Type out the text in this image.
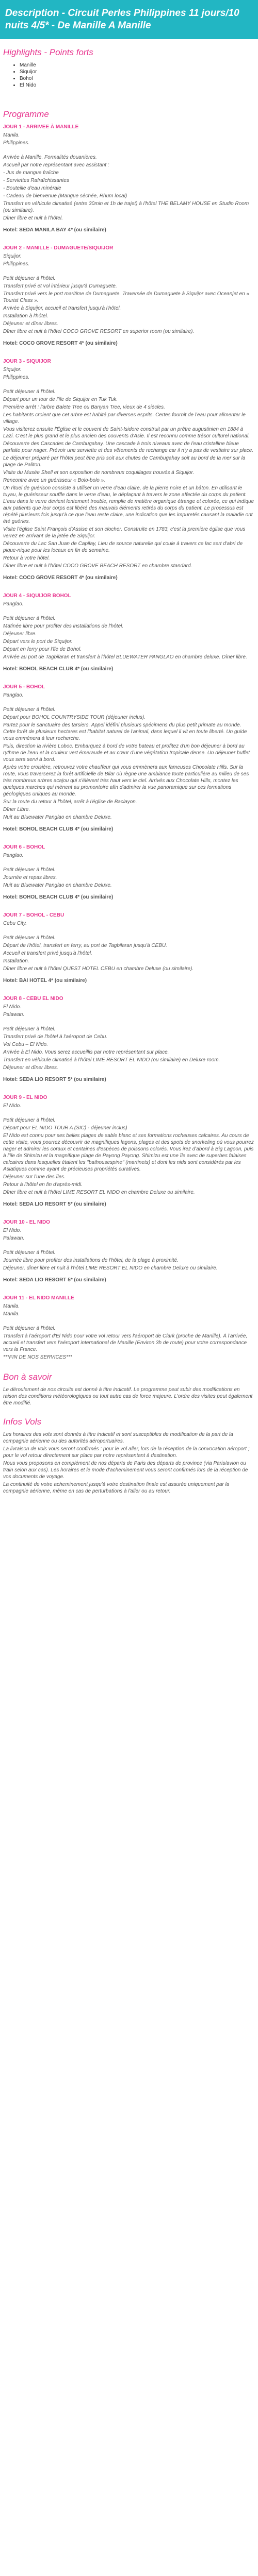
Description - Circuit Perles Philippines 11 jours/10 nuits 4/5* - De Manille A Manille
Highlights - Points forts
• Manille
• Siquijor
• Bohol
• El Nido
Programme
JOUR 1 - ARRIVEE À MANILLE
Manila.
Philippines.
Arrivée à Manille. Formalités douanières.
Accueil par notre représentant avec assistant :
- Jus de mangue fraîche
- Serviettes Rafraîchissantes
- Bouteille d'eau minérale
- Cadeau de bienvenue (Mangue séchée, Rhum local)
Transfert en véhicule climatisé (entre 30min et 1h de trajet) à l'hôtel THE BELAMY HOUSE en Studio Room (ou similaire).
Dîner libre et nuit à l'hôtel.
Hotel: SEDA MANILA BAY 4* (ou similaire)
JOUR 2 - MANILLE - DUMAGUETE/SIQUIJOR
Siquijor.
Philippines.
Petit déjeuner à l'hôtel.
Transfert privé et vol intérieur jusqu'à Dumaguete.
Transfert privé vers le port maritime de Dumaguete. Traversée de Dumaguete à Siquijor avec Oceanjet en « Tourist Class ».
Arrivée à Siquijor, accueil et transfert jusqu'à l'hôtel.
Installation à l'hôtel.
Déjeuner et dîner libres.
Dîner libre et nuit à l'hôtel COCO GROVE RESORT en superior room (ou similaire).
Hotel: COCO GROVE RESORT 4* (ou similaire)
JOUR 3 - SIQUIJOR
Siquijor.
Philippines.
Petit déjeuner à l'hôtel.
Départ pour un tour de l'île de Siquijor en Tuk Tuk.
Première arrêt : l'arbre Balete Tree ou Banyan Tree, vieux de 4 siècles.
Les habitants croient que cet arbre est habité par diverses esprits. Certes fournit de l'eau pour alimenter le village.
Vous visiterez ensuite l'Église et le couvent de Saint-Isidore construit par un prêtre augustinien en 1884 à Lazi. C'est le plus grand et le plus ancien des couvents d'Asie. Il est reconnu comme trésor culturel national.
Découverte des Cascades de Cambugahay. Une cascade à trois niveaux avec de l'eau cristalline bleue parfaite pour nager. Prévoir une serviette et des vêtements de rechange car il n'y a pas de vestiaire sur place.
Le déjeuner préparé par l'hôtel peut être pris soit aux chutes de Cambugahay soit au bord de la mer sur la plage de Paliton.
Visite du Musée Shell et son exposition de nombreux coquillages trouvés à Siquijor.
Rencontre avec un guérisseur « Bolo-bolo ».
Un rituel de guérison consiste à utiliser un verre d'eau claire, de la pierre noire et un bâton. En utilisant le tuyau, le guérisseur souffle dans le verre d'eau, le déplaçant à travers le zone affectée du corps du patient. L'eau dans le verre devient lentement trouble, remplie de matière organique étrange et colorée, ce qui indique aux patients que leur corps est libéré des mauvais éléments retirés du corps du patient. Le processus est répété plusieurs fois jusqu'à ce que l'eau reste claire, une indication que les impuretés causant la maladie ont été guéries.
Visite l'église Saint François d'Assise et son clocher. Construite en 1783, c'est la première église que vous verrez en arrivant de la jetée de Siquijor.
Découverte du Lac San Juan de Capilay, Lieu de source naturelle qui coule à travers ce lac sert d'abri de pique-nique pour les locaux en fin de semaine.
Retour à votre hôtel.
Dîner libre et nuit à l'hôtel COCO GROVE BEACH RESORT en chambre standard.
Hotel: COCO GROVE RESORT 4* (ou similaire)
JOUR 4 - SIQUIJOR BOHOL
Panglao.
Petit déjeuner à l'hôtel.
Matinée libre pour profiter des installations de l'hôtel.
Déjeuner libre.
Départ vers le port de Siquijor.
Départ en ferry pour l'île de Bohol.
Arrivée au port de Tagbilaran et transfert à l'hôtel BLUEWATER PANGLAO en chambre deluxe. Dîner libre.
Hotel: BOHOL BEACH CLUB 4* (ou similaire)
JOUR 5 - BOHOL
Panglao.
Petit déjeuner à l'hôtel.
Départ pour BOHOL COUNTRYSIDE TOUR (déjeuner inclus).
Partez pour le sanctuaire des tarsiers. Appel idéfini plusieurs spécimens du plus petit primate au monde. Cette forêt de plusieurs hectares est l'habitat naturel de l'animal, dans lequel il vit en toute liberté. Un guide vous emmènera à leur recherche.
Puis, direction la rivière Loboc. Embarquez à bord de votre bateau et profitez d'un bon déjeuner à bord au rythme de l'eau et la couleur vert émeraude et au cœur d'une végétation tropicale dense. Un déjeuner buffet vous sera servi à bord.
Après votre croisière, retrouvez votre chauffeur qui vous emmènera aux fameuses Chocolate Hills. Sur la route, vous traverserez la forêt artificielle de Bilar où règne une ambiance toute particulière au milieu de ses très nombreux arbres acajou qui s'élèvent très haut vers le ciel. Arrivés aux Chocolate Hills, montez les quelques marches qui mènent au promontoire afin d'admirer la vue panoramique sur ces formations géologiques uniques au monde.
Sur la route du retour à l'hôtel, arrêt à l'église de Baclayon.
Dîner Libre.
Nuit au Bluewater Panglao en chambre Deluxe.
Hotel: BOHOL BEACH CLUB 4* (ou similaire)
JOUR 6 - BOHOL
Panglao.
Petit déjeuner à l'hôtel.
Journée et repas libres.
Nuit au Bluewater Panglao en chambre Deluxe.
Hotel: BOHOL BEACH CLUB 4* (ou similaire)
JOUR 7 - BOHOL - CEBU
Cebu City.
Petit déjeuner à l'hôtel.
Départ de l'hôtel, transfert en ferry, au port de Tagbilaran jusqu'à CEBU.
Accueil et transfert privé jusqu'à l'hôtel.
Installation.
Dîner libre et nuit à l'hôtel QUEST HOTEL CEBU en chambre Deluxe (ou similaire).
Hotel: BAI HOTEL 4* (ou similaire)
JOUR 8 - CEBU EL NIDO
El Nido.
Palawan.
Petit déjeuner à l'hôtel.
Transfert privé de l'hôtel à l'aéroport de Cebu.
Vol Cebu – El Nido.
Arrivée à El Nido. Vous serez accueillis par notre représentant sur place.
Transfert en véhicule climatisé à l'hôtel LIME RESORT EL NIDO (ou similaire) en Deluxe room.
Déjeuner et dîner libres.
Hotel: SEDA LIO RESORT 5* (ou similaire)
JOUR 9 - EL NIDO
El Nido.
Petit déjeuner à l'hôtel.
Départ pour EL NIDO TOUR A (SIC) - déjeuner inclus)
El Nido est connu pour ses belles plages de sable blanc et ses formations rocheuses calcaires. Au cours de cette visite, vous pourrez découvrir de magnifiques lagons, plages et des spots de snorkeling où vous pourrez nager et admirer les coraux et centaines d'espèces de poissons colorés. Vous irez d'abord à Big Lagoon, puis à l'île de Shimizu et la magnifique plage de Payong Payong. Shimizu est une île avec de superbes falaises calcaires dans lesquelles étaient les "bathousespine" (martinets) et dont les nids sont considérés par les Asiatiques comme ayant de précieuses propriétés curatives.
Déjeuner sur l'une des îles.
Retour à l'hôtel en fin d'après-midi.
Dîner libre et nuit à l'hôtel LIME RESORT EL NIDO en chambre Deluxe ou similaire.
Hotel: SEDA LIO RESORT 5* (ou similaire)
JOUR 10 - EL NIDO
El Nido.
Palawan.
Petit déjeuner à l'hôtel.
Journée libre pour profiter des installations de l'hôtel, de la plage à proximité.
Déjeuner, dîner libre et nuit à l'hôtel LIME RESORT EL NIDO en chambre Deluxe ou similaire.
Hotel: SEDA LIO RESORT 5* (ou similaire)
JOUR 11 - EL NIDO MANILLE
Manila.
Manila.
Petit déjeuner à l'hôtel.
Transfert à l'aéroport d'El Nido pour votre vol retour vers l'aéroport de Clark (proche de Manille). À l'arrivée, accueil et transfert vers l'aéroport international de Manille (Environ 3h de route) pour votre correspondance vers la France.
***FIN DE NOS SERVICES***
Bon à savoir

Le déroulement de nos circuits est donné à titre indicatif. Le programme peut subir des modifications en raison des conditions météorologiques ou tout autre cas de force majeure. L'ordre des visites peut également être modifié.

Infos Vols

Les horaires des vols sont donnés à titre indicatif et sont susceptibles de modification de la part de la compagnie aérienne ou des autorités aéroportuaires.

La livraison de vols vous seront confirmés : pour le vol aller, lors de la réception de la convocation aéroport ; pour le vol retour directement sur place par notre représentant à destination.

Nous vous proposons en complément de nos départs de Paris des départs de province (via Paris/avion ou train selon aux cas). Les horaires et le mode d'acheminement vous seront confirmés lors de la réception de vos documents de voyage.

La continuité de votre acheminement jusqu'à votre destination finale est assurée uniquement par la compagnie aérienne, même en cas de perturbations à l'aller ou au retour.
